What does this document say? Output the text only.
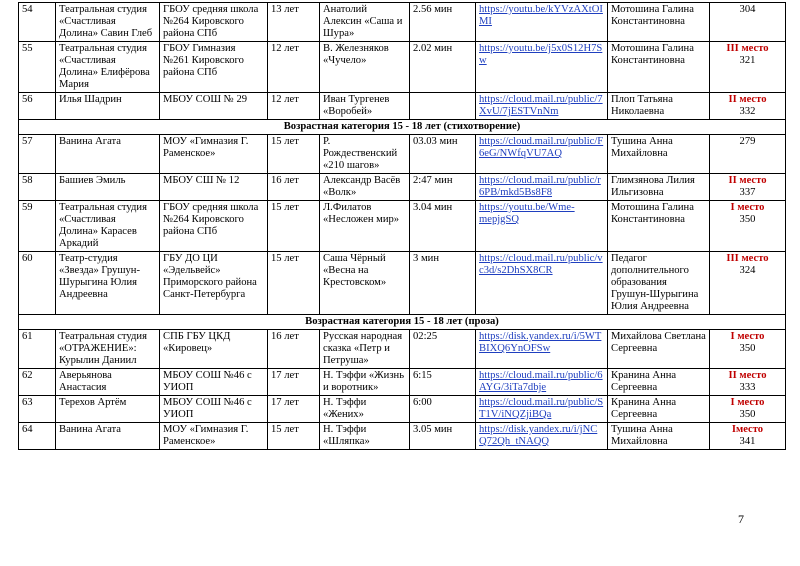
54	Театральная студия «Счастливая Долина» Савин Глеб	ГБОУ средняя школа №264 Кировского района СПб	13 лет	Анатолий Алексин «Саша и Шура»	2.56 мин	https://youtu.be/kYVzAXtOIMI	Мотошина Галина Константиновна	304

55	Театральная студия «Счастливая Долина» Елифёрова Мария	ГБОУ Гимназия №261 Кировского района СПб	12 лет	В. Железняков «Чучело»	2.02 мин	https://youtu.be/j5x0S12H7Sw	Мотошина Галина Константиновна	III место
321

56	Илья Шадрин	МБОУ СОШ № 29	12 лет	Иван Тургенев «Воробей»		https://cloud.mail.ru/public/7XvU/7jESTVnNm	Плоп Татьяна Николаевна	II место
332

Возрастная категория 15 - 18 лет (стихотворение)								
57	Ванина Агата	МОУ «Гимназия Г. Раменское»	15 лет	Р. Рождественский «210 шагов»	03.03 мин	https://cloud.mail.ru/public/F6eG/NWfqVU7AQ	Тушина Анна Михайловна	279

58	Башиев Эмиль	МБОУ СШ № 12	16 лет	Александр Васёв «Волк»	2:47 мин	https://cloud.mail.ru/public/r6PB/mkd5Bs8F8	Глимзянова Лилия Ильгизовна	II место
337

59	Театральная студия «Счастливая Долина» Карасев Аркадий	ГБОУ средняя школа №264 Кировского района СПб	15 лет	Л.Филатов «Несложен мир»	3.04 мин	https://youtu.be/Wme-mepjgSQ	Мотошина Галина Константиновна	I место
350

60	Театр-студия «Звезда» Грушун-Шурыгина Юлия Андреевна	ГБУ ДО ЦИ «Эдельвейс» Приморского района Санкт-Петербурга	15 лет	Саша Чёрный «Весна на Крестовском»	3 мин	https://cloud.mail.ru/public/vc3d/s2DhSX8CR	Педагог дополнительного образования Грушун-Шурыгина Юлия Андреевна	III место
324

Возрастная категория 15 - 18 лет (проза)								
61	Театральная студия «ОТРАЖЕНИЕ»: Курылин Даниил	СПБ ГБУ ЦКД «Кировец»	16 лет	Русская народная сказка «Петр и Петруша»	02:25	https://disk.yandex.ru/i/5WTBIXQ6YnOFSw	Михайлова Светлана Сергеевна	I место
350

62	Аверьянова Анастасия	МБОУ СОШ №46 с УИОП	17 лет	Н. Тэффи «Жизнь и воротник»	6:15	https://cloud.mail.ru/public/6AYG/3iTa7dbje	Кранина Анна Сергеевна	II место
333

63	Терехов Артём	МБОУ СОШ №46 с УИОП	17 лет	Н. Тэффи «Жених»	6:00	https://cloud.mail.ru/public/ST1V/iNQZjiBQa	Кранина Анна Сергеевна	I место
350

64	Ванина Агата	МОУ «Гимназия Г. Раменское»	15 лет	Н. Тэффи «Шляпка»	3.05 мин	https://disk.yandex.ru/i/jNCQ72Qh_tNAQQ	Тушина Анна Михайловна	Iместо
341
7
